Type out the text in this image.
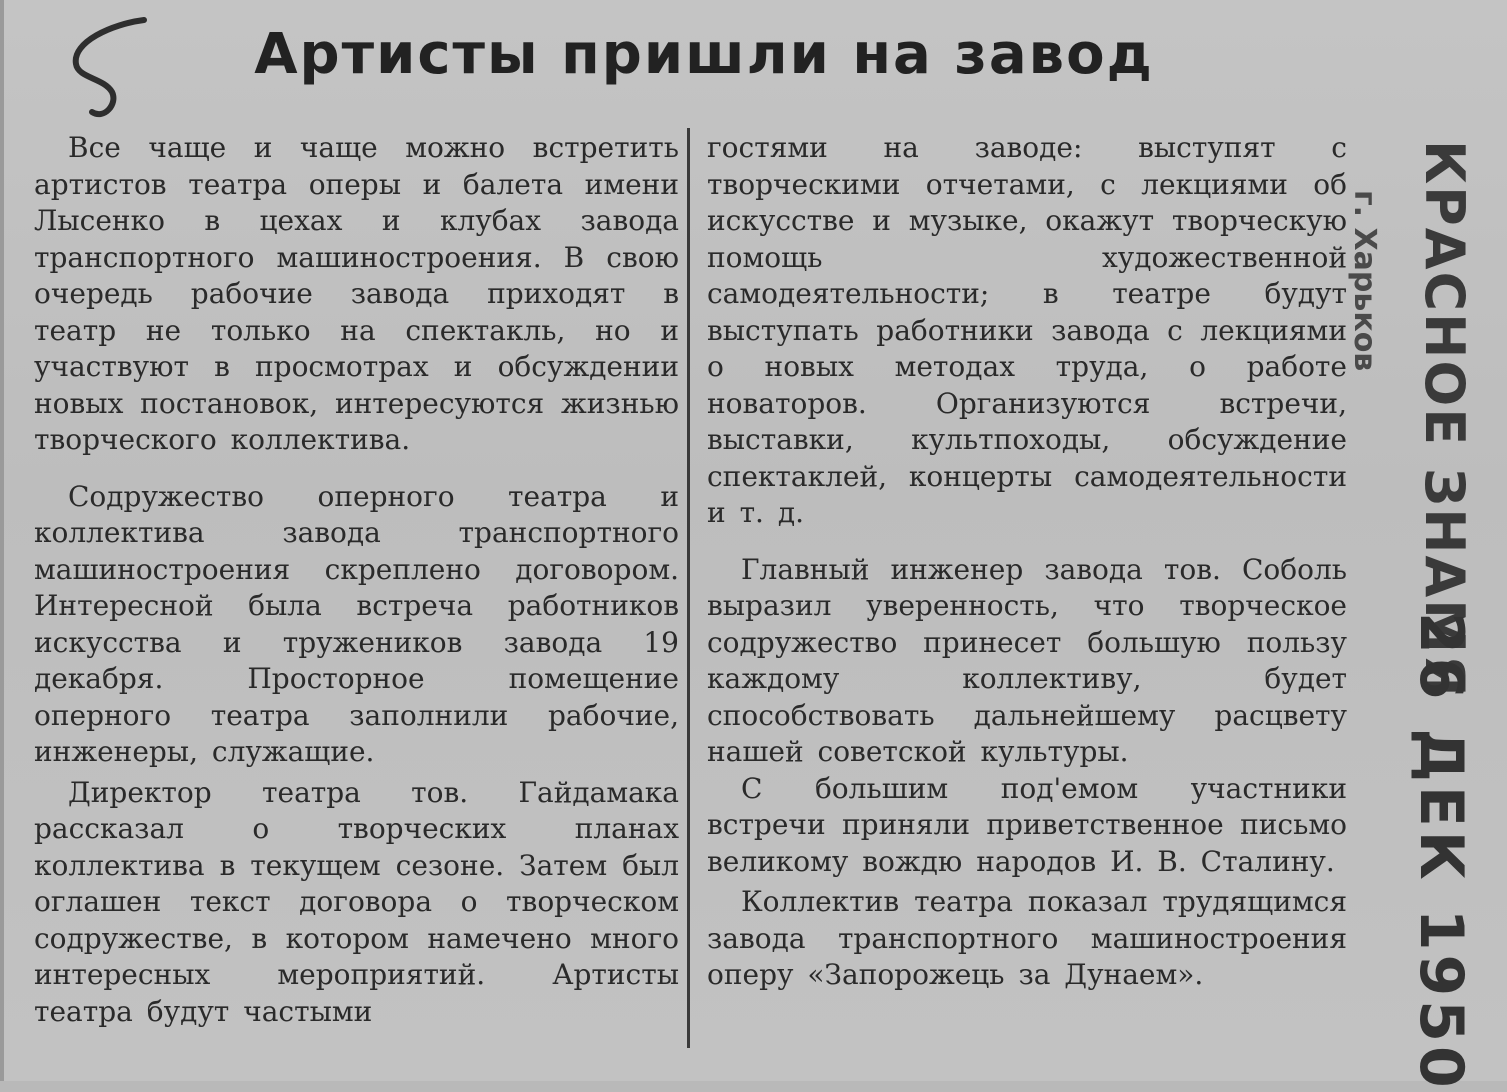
Артисты пришли на завод

Все чаще и чаще можно встретить артистов театра оперы и балета имени Лысенко в цехах и клубах завода транспортного машиностроения. В свою очередь рабочие завода приходят в театр не только на спектакль, но и участвуют в просмотрах и обсуждении новых постановок, интересуются жизнью творческого коллектива.

Содружество оперного театра и коллектива завода транспортного машиностроения скреплено договором. Интересной была встреча работников искусства и тружеников завода 19 декабря. Просторное помещение оперного театра заполнили рабочие, инженеры, служащие.

Директор театра тов. Гайдамака рассказал о творческих планах коллектива в текущем сезоне. Затем был оглашен текст договора о творческом содружестве, в котором намечено много интересных мероприятий. Артисты театра будут частыми

гостями на заводе: выступят с творческими отчетами, с лекциями об искусстве и музыке, окажут творческую помощь художественной самодеятельности; в театре будут выступать работники завода с лекциями о новых методах труда, о работе новаторов. Организуются встречи, выставки, культпоходы, обсуждение спектаклей, концерты самодеятельности и т. д.

Главный инженер завода тов. Соболь выразил уверенность, что творческое содружество принесет большую пользу каждому коллективу, будет способствовать дальнейшему расцвету нашей советской культуры.

С большим под'емом участники встречи приняли приветственное письмо великому вождю народов И. В. Сталину.

Коллектив театра показал трудящимся завода транспортного машиностроения оперу «Запорожець за Дунаем».

КРАСНОЕ ЗНАМЯ
г. Харьков
26 ДЕК 1950
